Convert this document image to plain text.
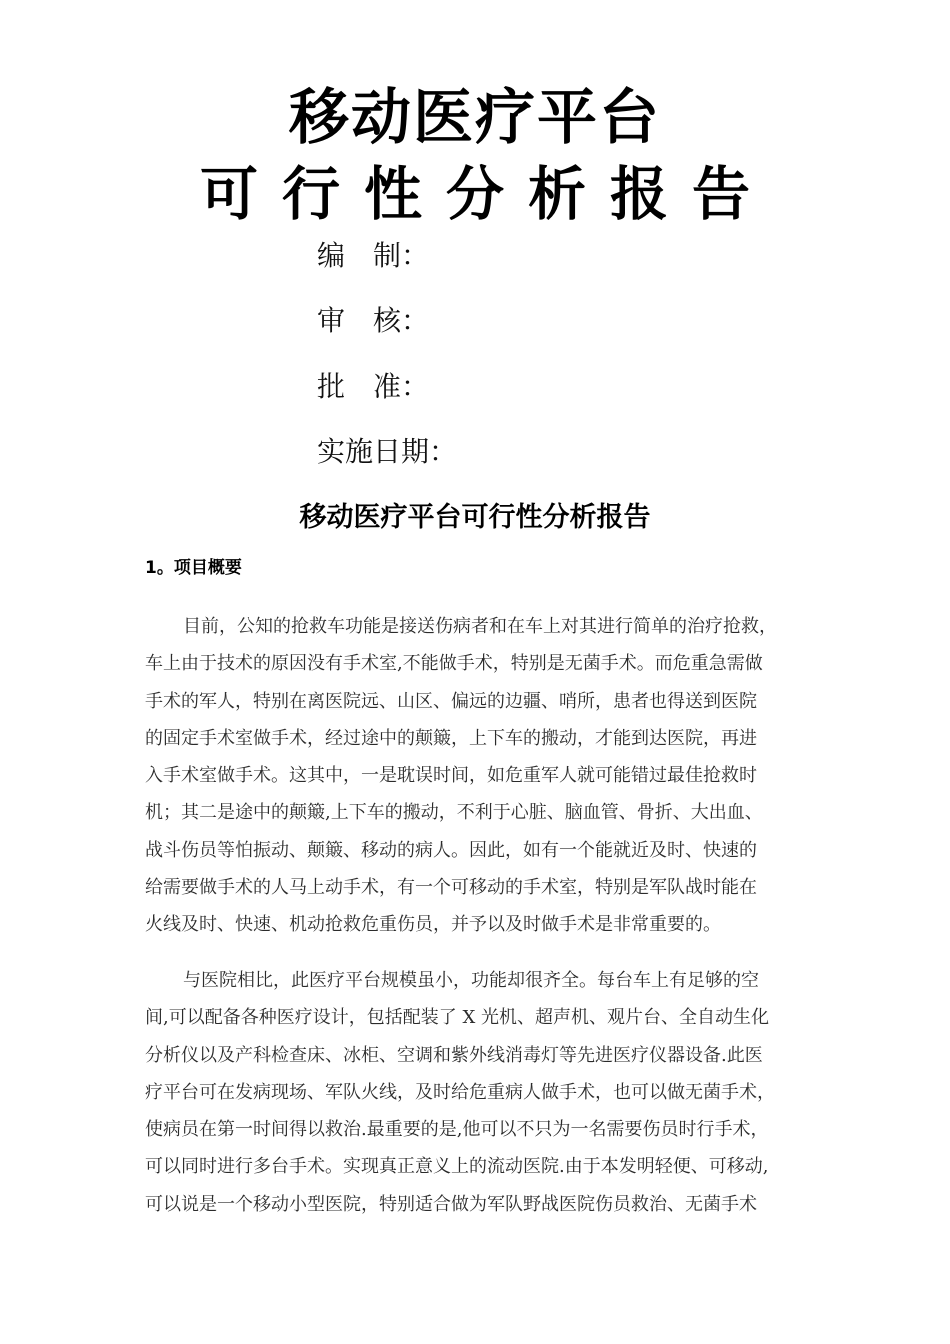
移动医疗平台
可行性分析报告
编　制：
审　核：
批　准：
实施日期：
移动医疗平台可行性分析报告
1。项目概要
目前，公知的抢救车功能是接送伤病者和在车上对其进行简单的治疗抢救，
车上由于技术的原因没有手术室,不能做手术，特别是无菌手术。而危重急需做
手术的军人，特别在离医院远、山区、偏远的边疆、哨所，患者也得送到医院
的固定手术室做手术，经过途中的颠簸，上下车的搬动，才能到达医院，再进
入手术室做手术。这其中，一是耽误时间，如危重军人就可能错过最佳抢救时
机；其二是途中的颠簸,上下车的搬动，不利于心脏、脑血管、骨折、大出血、
战斗伤员等怕振动、颠簸、移动的病人。因此，如有一个能就近及时、快速的
给需要做手术的人马上动手术，有一个可移动的手术室，特别是军队战时能在
火线及时、快速、机动抢救危重伤员，并予以及时做手术是非常重要的。
与医院相比，此医疗平台规模虽小，功能却很齐全。每台车上有足够的空
间,可以配备各种医疗设计，包括配装了 X 光机、超声机、观片台、全自动生化
分析仪以及产科检查床、冰柜、空调和紫外线消毒灯等先进医疗仪器设备.此医
疗平台可在发病现场、军队火线，及时给危重病人做手术，也可以做无菌手术，
使病员在第一时间得以救治.最重要的是,他可以不只为一名需要伤员时行手术，
可以同时进行多台手术。实现真正意义上的流动医院.由于本发明轻便、可移动,
可以说是一个移动小型医院，特别适合做为军队野战医院伤员救治、无菌手术
